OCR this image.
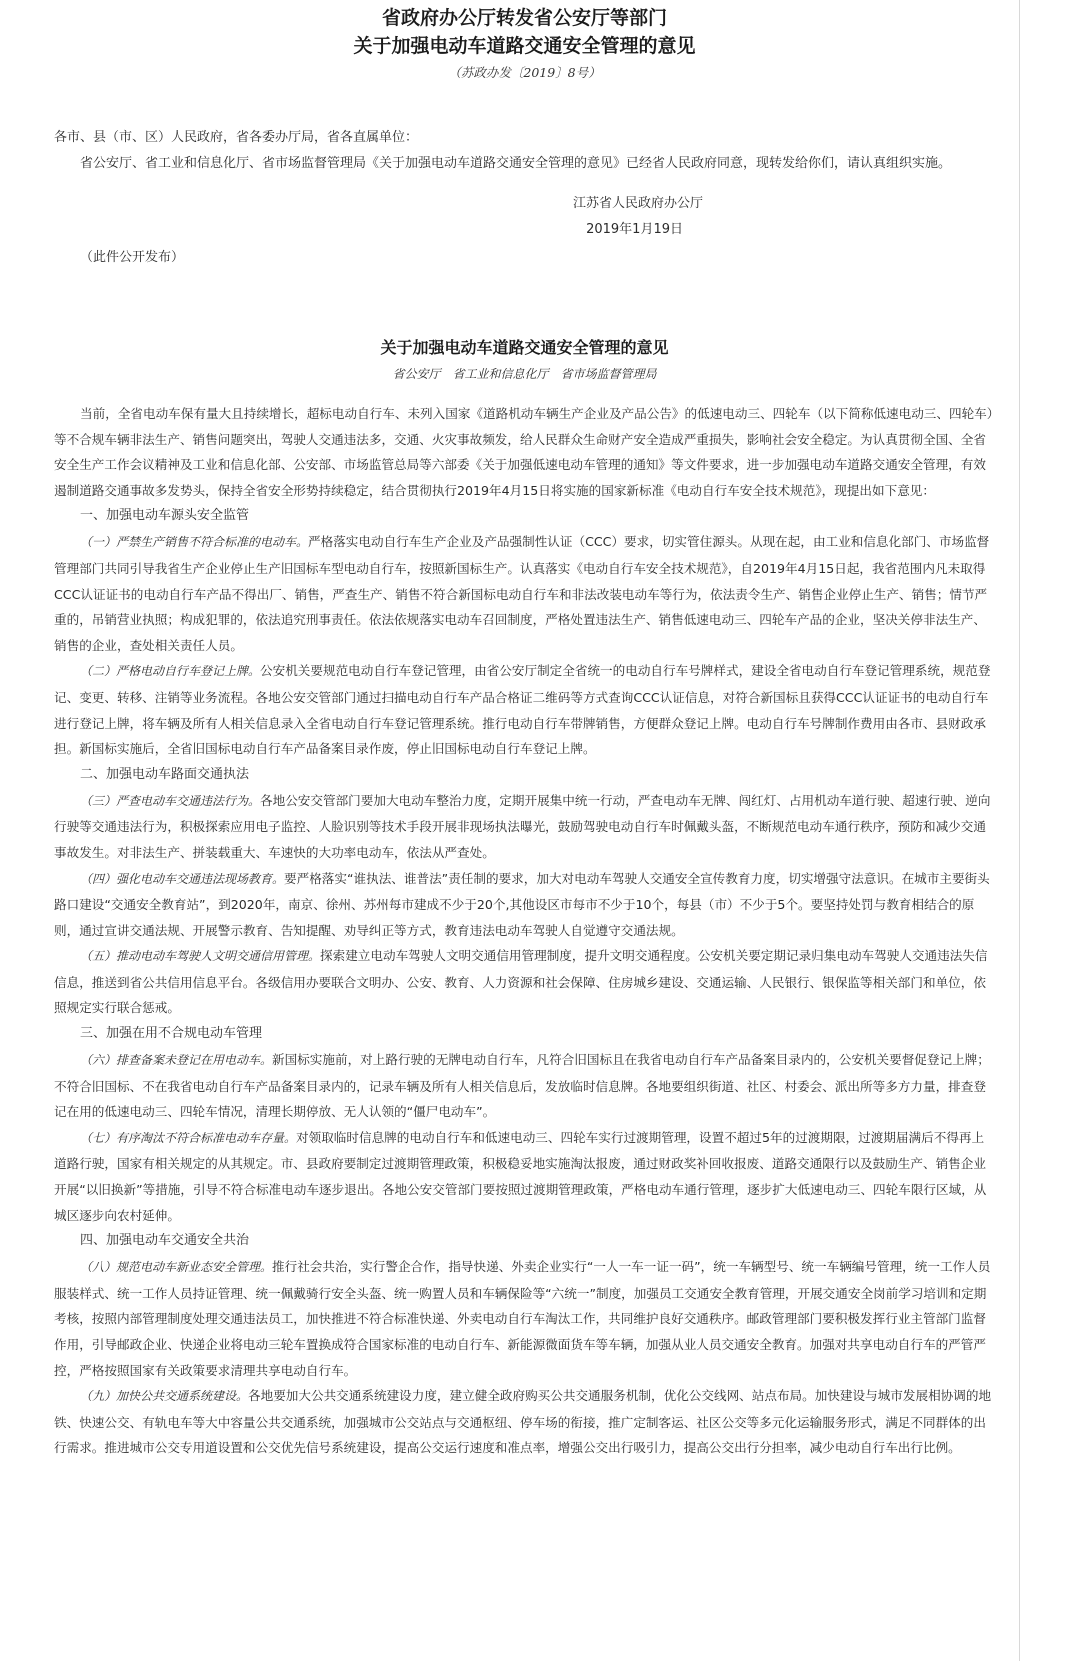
省政府办公厅转发省公安厅等部门
关于加强电动车道路交通安全管理的意见
（苏政办发〔2019〕8号）

各市、县（市、区）人民政府，省各委办厅局，省各直属单位：

省公安厅、省工业和信息化厅、省市场监督管理局《关于加强电动车道路交通安全管理的意见》已经省人民政府同意，现转发给你们，请认真组织实施。

江苏省人民政府办公厅
2019年1月19日
（此件公开发布）
关于加强电动车道路交通安全管理的意见
省公安厅　省工业和信息化厅　省市场监督管理局

当前，全省电动车保有量大且持续增长，超标电动自行车、未列入国家《道路机动车辆生产企业及产品公告》的低速电动三、四轮车（以下简称低速电动三、四轮车）等不合规车辆非法生产、销售问题突出，驾驶人交通违法多，交通、火灾事故频发，给人民群众生命财产安全造成严重损失，影响社会安全稳定。为认真贯彻全国、全省安全生产工作会议精神及工业和信息化部、公安部、市场监管总局等六部委《关于加强低速电动车管理的通知》等文件要求，进一步加强电动车道路交通安全管理，有效遏制道路交通事故多发势头，保持全省安全形势持续稳定，结合贯彻执行2019年4月15日将实施的国家新标准《电动自行车安全技术规范》，现提出如下意见：

一、加强电动车源头安全监管

（一）严禁生产销售不符合标准的电动车。严格落实电动自行车生产企业及产品强制性认证（CCC）要求，切实管住源头。从现在起，由工业和信息化部门、市场监督管理部门共同引导我省生产企业停止生产旧国标车型电动自行车，按照新国标生产。认真落实《电动自行车安全技术规范》，自2019年4月15日起，我省范围内凡未取得CCC认证证书的电动自行车产品不得出厂、销售，严查生产、销售不符合新国标电动自行车和非法改装电动车等行为，依法责令生产、销售企业停止生产、销售；情节严重的，吊销营业执照；构成犯罪的，依法追究刑事责任。依法依规落实电动车召回制度，严格处置违法生产、销售低速电动三、四轮车产品的企业，坚决关停非法生产、销售的企业，查处相关责任人员。

（二）严格电动自行车登记上牌。公安机关要规范电动自行车登记管理，由省公安厅制定全省统一的电动自行车号牌样式，建设全省电动自行车登记管理系统，规范登记、变更、转移、注销等业务流程。各地公安交管部门通过扫描电动自行车产品合格证二维码等方式查询CCC认证信息，对符合新国标且获得CCC认证证书的电动自行车进行登记上牌，将车辆及所有人相关信息录入全省电动自行车登记管理系统。推行电动自行车带牌销售，方便群众登记上牌。电动自行车号牌制作费用由各市、县财政承担。新国标实施后，全省旧国标电动自行车产品备案目录作废，停止旧国标电动自行车登记上牌。

二、加强电动车路面交通执法

（三）严查电动车交通违法行为。各地公安交管部门要加大电动车整治力度，定期开展集中统一行动，严查电动车无牌、闯红灯、占用机动车道行驶、超速行驶、逆向行驶等交通违法行为，积极探索应用电子监控、人脸识别等技术手段开展非现场执法曝光，鼓励驾驶电动自行车时佩戴头盔，不断规范电动车通行秩序，预防和减少交通事故发生。对非法生产、拼装载重大、车速快的大功率电动车，依法从严查处。

（四）强化电动车交通违法现场教育。要严格落实“谁执法、谁普法”责任制的要求，加大对电动车驾驶人交通安全宣传教育力度，切实增强守法意识。在城市主要街头路口建设“交通安全教育站”，到2020年，南京、徐州、苏州每市建成不少于20个,其他设区市每市不少于10个，每县（市）不少于5个。要坚持处罚与教育相结合的原则，通过宣讲交通法规、开展警示教育、告知提醒、劝导纠正等方式，教育违法电动车驾驶人自觉遵守交通法规。

（五）推动电动车驾驶人文明交通信用管理。探索建立电动车驾驶人文明交通信用管理制度，提升文明交通程度。公安机关要定期记录归集电动车驾驶人交通违法失信信息，推送到省公共信用信息平台。各级信用办要联合文明办、公安、教育、人力资源和社会保障、住房城乡建设、交通运输、人民银行、银保监等相关部门和单位，依照规定实行联合惩戒。

三、加强在用不合规电动车管理

（六）排查备案未登记在用电动车。新国标实施前，对上路行驶的无牌电动自行车，凡符合旧国标且在我省电动自行车产品备案目录内的，公安机关要督促登记上牌；不符合旧国标、不在我省电动自行车产品备案目录内的，记录车辆及所有人相关信息后，发放临时信息牌。各地要组织街道、社区、村委会、派出所等多方力量，排查登记在用的低速电动三、四轮车情况，清理长期停放、无人认领的“僵尸电动车”。

（七）有序淘汰不符合标准电动车存量。对领取临时信息牌的电动自行车和低速电动三、四轮车实行过渡期管理，设置不超过5年的过渡期限，过渡期届满后不得再上道路行驶，国家有相关规定的从其规定。市、县政府要制定过渡期管理政策，积极稳妥地实施淘汰报废，通过财政奖补回收报废、道路交通限行以及鼓励生产、销售企业开展“以旧换新”等措施，引导不符合标准电动车逐步退出。各地公安交管部门要按照过渡期管理政策，严格电动车通行管理，逐步扩大低速电动三、四轮车限行区域，从城区逐步向农村延伸。

四、加强电动车交通安全共治

（八）规范电动车新业态安全管理。推行社会共治，实行警企合作，指导快递、外卖企业实行“一人一车一证一码”，统一车辆型号、统一车辆编号管理，统一工作人员服装样式、统一工作人员持证管理、统一佩戴骑行安全头盔、统一购置人员和车辆保险等“六统一”制度，加强员工交通安全教育管理，开展交通安全岗前学习培训和定期考核，按照内部管理制度处理交通违法员工，加快推进不符合标准快递、外卖电动自行车淘汰工作，共同维护良好交通秩序。邮政管理部门要积极发挥行业主管部门监督作用，引导邮政企业、快递企业将电动三轮车置换成符合国家标准的电动自行车、新能源微面货车等车辆，加强从业人员交通安全教育。加强对共享电动自行车的严管严控，严格按照国家有关政策要求清理共享电动自行车。

（九）加快公共交通系统建设。各地要加大公共交通系统建设力度，建立健全政府购买公共交通服务机制，优化公交线网、站点布局。加快建设与城市发展相协调的地铁、快速公交、有轨电车等大中容量公共交通系统，加强城市公交站点与交通枢纽、停车场的衔接，推广定制客运、社区公交等多元化运输服务形式，满足不同群体的出行需求。推进城市公交专用道设置和公交优先信号系统建设，提高公交运行速度和准点率，增强公交出行吸引力，提高公交出行分担率，减少电动自行车出行比例。
